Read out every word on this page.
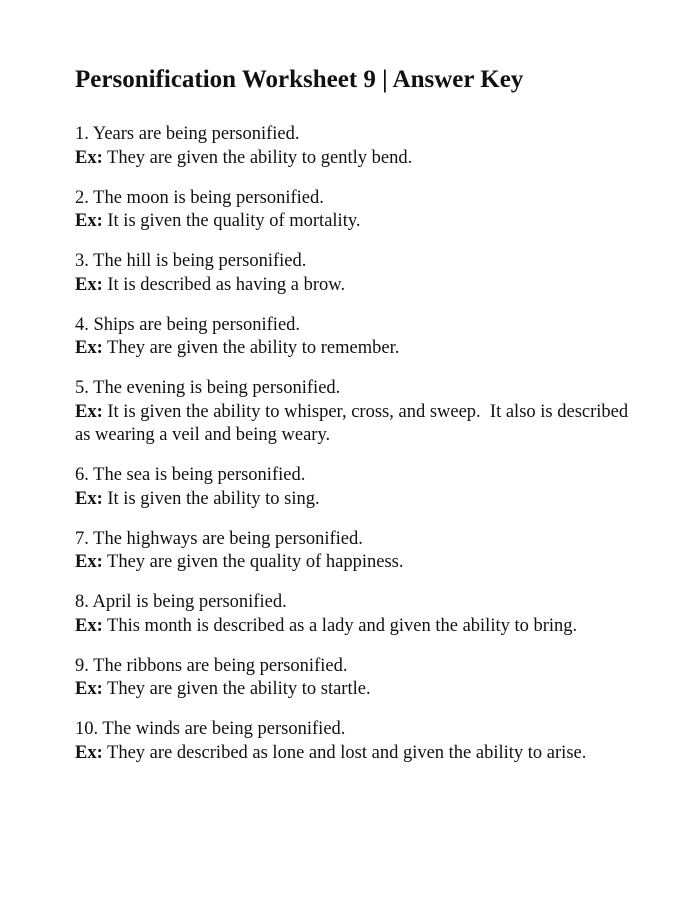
Personification Worksheet 9 | Answer Key

1. Years are being personified.

Ex: They are given the ability to gently bend.

2. The moon is being personified.

Ex: It is given the quality of mortality.

3. The hill is being personified.

Ex: It is described as having a brow.

4. Ships are being personified.

Ex: They are given the ability to remember.

5. The evening is being personified.

Ex: It is given the ability to whisper, cross, and sweep.  It also is described as wearing a veil and being weary.

6. The sea is being personified.

Ex: It is given the ability to sing.

7. The highways are being personified.

Ex: They are given the quality of happiness.

8. April is being personified.

Ex: This month is described as a lady and given the ability to bring.

9. The ribbons are being personified.

Ex: They are given the ability to startle.

10. The winds are being personified.

Ex: They are described as lone and lost and given the ability to arise.
